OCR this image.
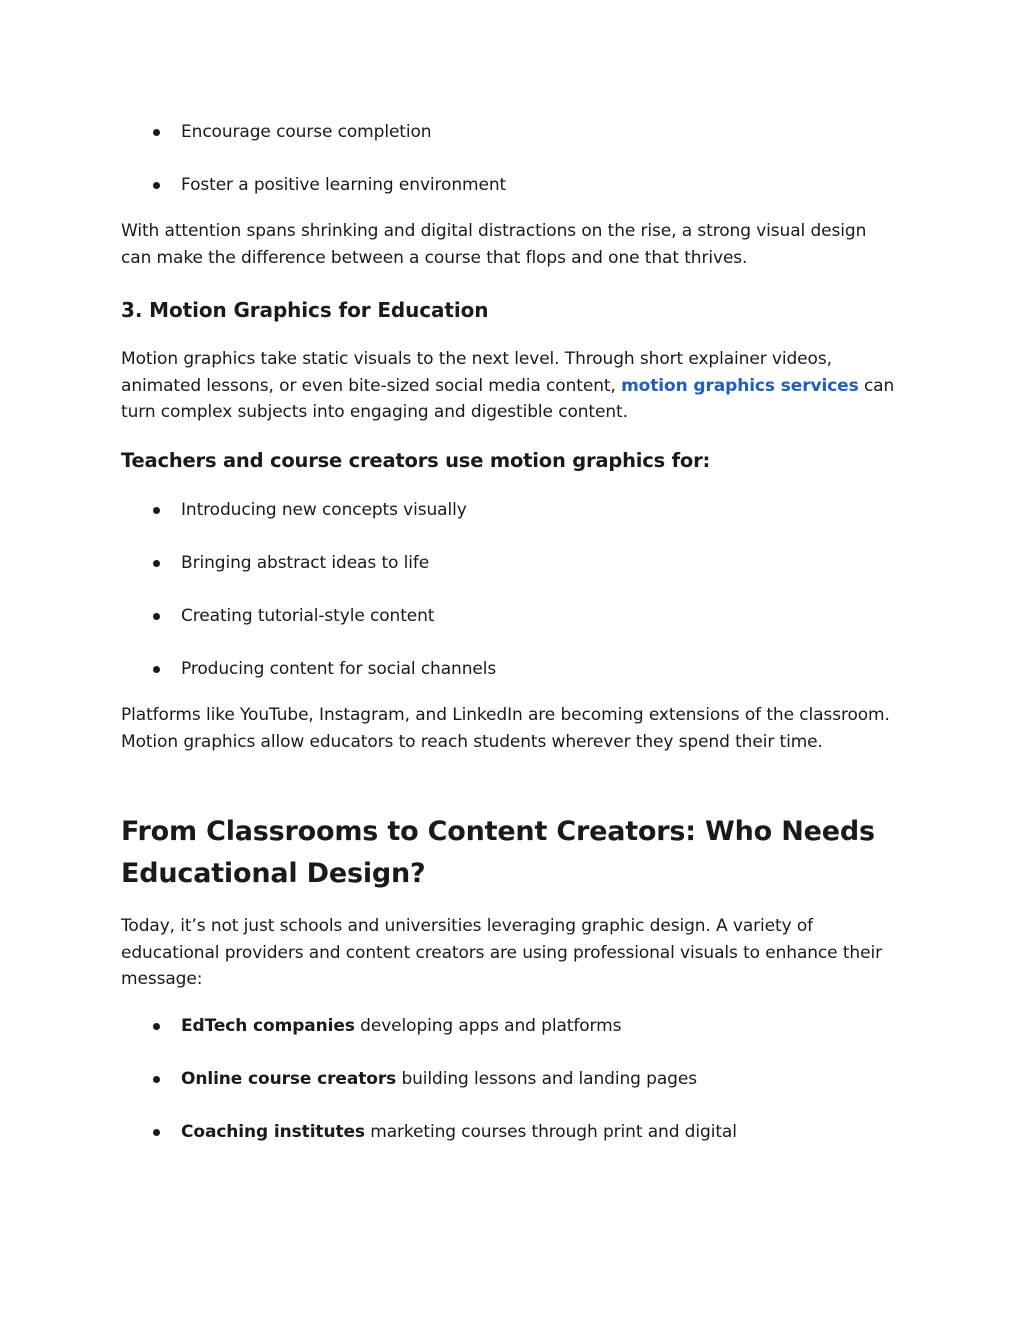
Encourage course completion
Foster a positive learning environment

With attention spans shrinking and digital distractions on the rise, a strong visual design can make the difference between a course that flops and one that thrives.

3. Motion Graphics for Education

Motion graphics take static visuals to the next level. Through short explainer videos, animated lessons, or even bite-sized social media content, motion graphics services can turn complex subjects into engaging and digestible content.

Teachers and course creators use motion graphics for:
Introducing new concepts visually
Bringing abstract ideas to life
Creating tutorial-style content
Producing content for social channels

Platforms like YouTube, Instagram, and LinkedIn are becoming extensions of the classroom. Motion graphics allow educators to reach students wherever they spend their time.

From Classrooms to Content Creators: Who Needs
Educational Design?

Today, it’s not just schools and universities leveraging graphic design. A variety of educational providers and content creators are using professional visuals to enhance their message:

EdTech companies developing apps and platforms
Online course creators building lessons and landing pages
Coaching institutes marketing courses through print and digital
